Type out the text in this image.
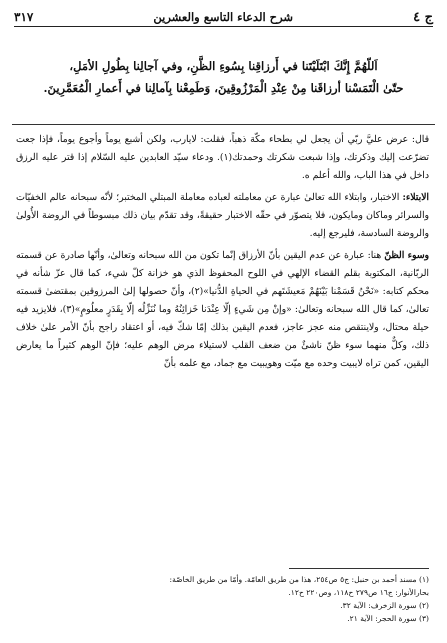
ج ٤
شرح الدعاء التاسع والعشرين
٣١٧
اَللّهُمَّ إِنَّكَ ابْتَلَيْتَنا في أَرزاقِنا بِسُوءِ الظَّنِ، وفي آجالِنا بِطُولِ الأمَلِ،
حتّىٰ الْتَمَسْنا أرزاقَنا مِنْ عِنْدِ الْمَرْزُوقِينَ، وَطَمِعْنا بِآمالِنا في أَعمارِ الْمُعَمَّرِينَ.

قال: عرض عليَّ ربّي أن يجعل لي بطحاء مكّة ذهباً، فقلت: لايارب، ولكن أشبع يوماً وأجوع يوماً، فإذا جعت تضرّعت إليك وذكرتك، وإذا شبعت شكرتك وحمدتك(١). ودعاء سيّد العابدين عليه السّلام إذا قتر عليه الرزق داخل في هذا الباب، والله أعلم ه.

الابتلاء: الاختبار، وابتلاء الله تعالىٰ عبارة عن معاملته لعباده معاملة المبتلي المختبر؛ لأنّه سبحانه عالم الخفيّات والسرائر وماكان ومايكون، فلا يتصوّر في حقّه الاختبار حقيقةً، وقد تقدّم بيان ذلك مبسوطاً في الروضة الأُولىٰ والروضة السادسة، فليرجع إليه.

وسوء الظنّ هنا: عبارة عن عدم اليقين بأنّ الأرزاق إنّما تكون من الله سبحانه وتعالىٰ، وأنّها صادرة عن قسمته الربّانية، المكتوبة بقلم القضاء الإلهي في اللوح المحفوظ الذي هو خزانة كلّ شيء، كما قال عزّ شأنه في محكم كتابه: «نَحْنُ قَسَمْنا بَيْنَهُمْ مَعيشَتَهم في الحياةِ الدُّنيا»(٢)، وأنّ حصولها إلىٰ المرزوقين بمقتضىٰ قسمته تعالىٰ، كما قال الله سبحانه وتعالىٰ: «وإنْ مِن شَيءٍ إلّا عِنْدَنا خَزائِنُهُ وما نُنَزِّلُه إلّا بِقَدَرٍ معلُومٍ»(٣)، فلايزيد فيه حيلة محتال، ولاينتقص منه عجز عاجز، فعدم اليقين بذلك إمّا شكّ فيه، أو اعتقاد راجح بأنّ الأمر علىٰ خلاف ذلك، وكلٌّ منهما سوء ظنّ ناشئٌ من ضعف القلب لاستيلاء مرض الوهم عليه؛ فإنّ الوهم كثيراً ما يعارض اليقين، كمن تراه لايبيت وحده مع ميّت وهويبيت مع جماد، مع علمه بأنّ

(١) مسند أحمد بن حنبل: ج٥ ص٢٥٤، هذا من طريق العامّة. وأمّا من طريق الخاصّة:
بحارالأنوار: ج١٦ ص٢٧٩ ح١١٨، وص٢٢٠ ح١٢.
(٢) سورة الزخرف: الآية ٣٢.
(٣) سورة الحجر: الآية ٢١.
